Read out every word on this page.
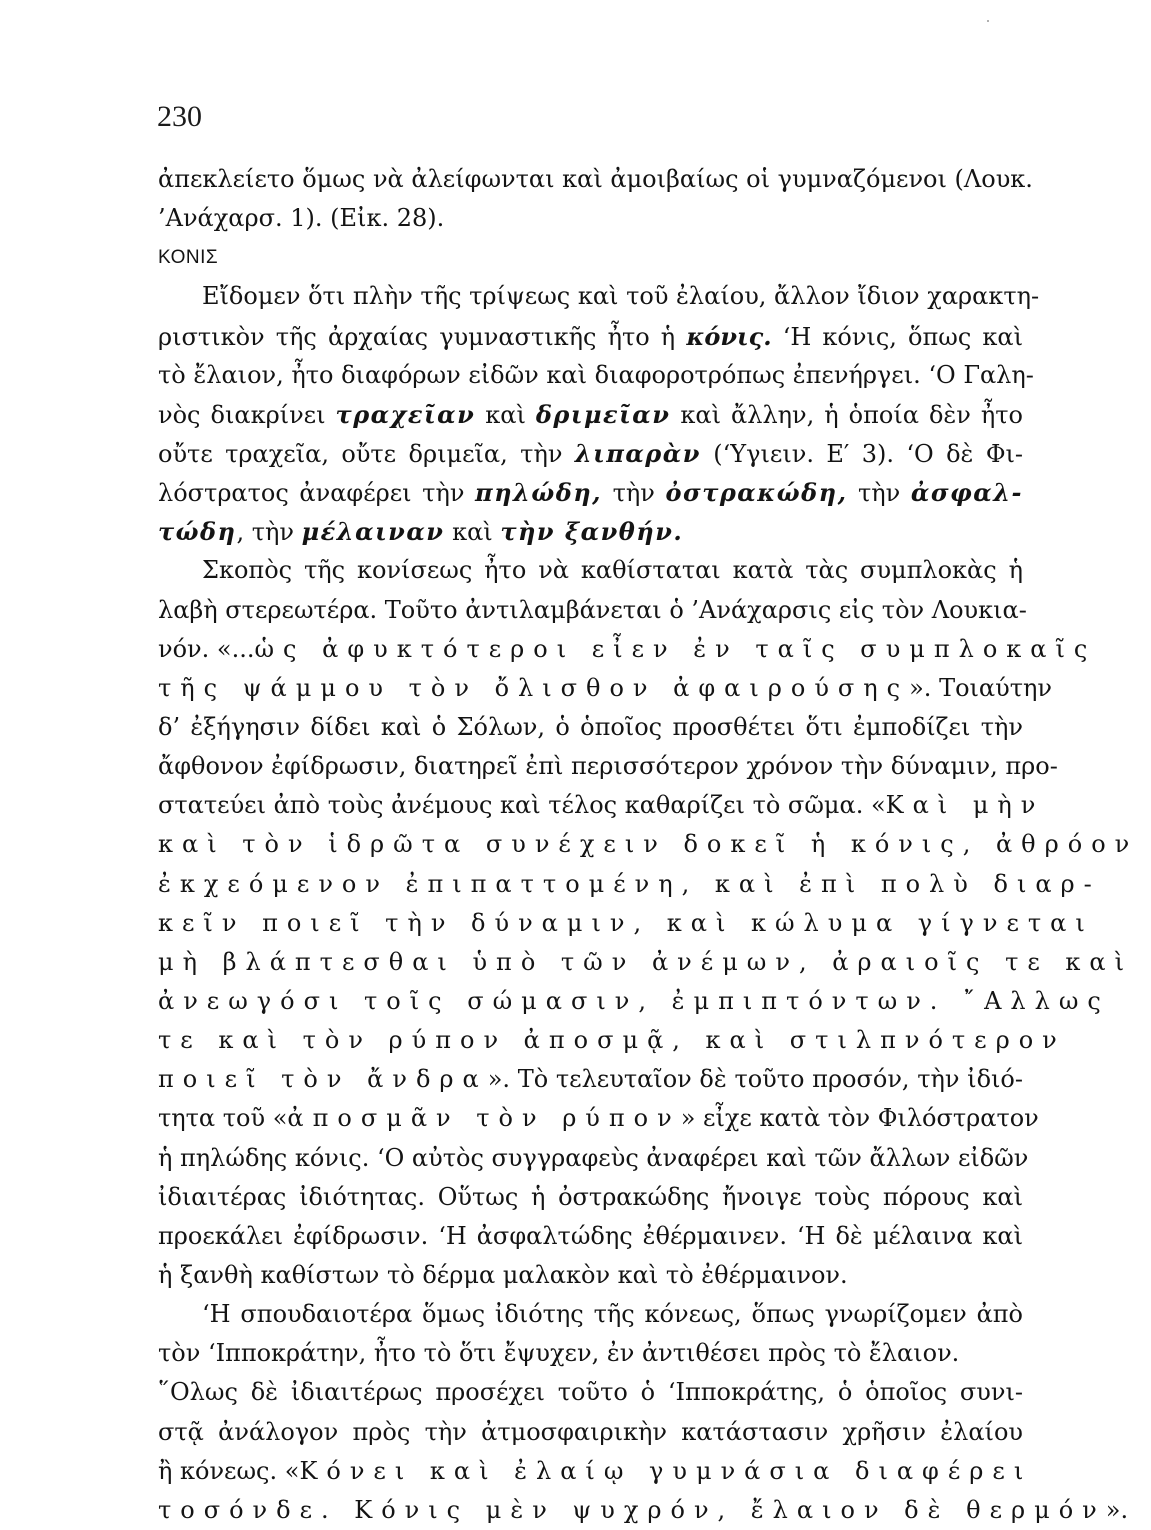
230

ἀπεκλείετο ὅμως νὰ ἀλείφωνται καὶ ἀμοιβαίως οἱ γυμναζόμενοι (Λουκ.

’Ανάχαρσ. 1). (Εἰκ. 28).

ΚΟΝΙΣ

Εἴδομεν ὅτι πλὴν τῆς τρίψεως καὶ τοῦ ἐλαίου, ἄλλον ἴδιον χαρακτη-

ριστικὸν τῆς ἀρχαίας γυμναστικῆς ἦτο ἡ κόνις. ‘Η κόνις, ὅπως καὶ

τὸ ἔλαιον, ἦτο διαφόρων εἰδῶν καὶ διαφοροτρόπως ἐπενήργει. ‘Ο Γαλη-

νὸς διακρίνει τραχεῖαν καὶ δριμεῖαν καὶ ἄλλην, ἡ ὁποία δὲν ἦτο

οὔτε τραχεῖα, οὔτε δριμεῖα, τὴν λιπαρὰν (‘Υγιειν. Ε′ 3). ‘Ο δὲ Φι-

λόστρατος ἀναφέρει τὴν πηλώδη, τὴν ὀστρακώδη, τὴν ἀσφαλ-

τώδη, τὴν μέλαιναν καὶ τὴν ξανθήν.

Σκοπὸς τῆς κονίσεως ἦτο νὰ καθίσταται κατὰ τὰς συμπλοκὰς ἡ

λαβὴ στερεωτέρα. Τοῦτο ἀντιλαμβάνεται ὁ ’Ανάχαρσις εἰς τὸν Λουκια-

νόν. «...ὡς ἀφυκτότεροι εἶεν ἐν ταῖς συμπλοκαῖς

τῆς ψάμμου τὸν ὄλισθον ἀφαιρούσης». Τοιαύτην

δ’ ἐξήγησιν δίδει καὶ ὁ Σόλων, ὁ ὁποῖος προσθέτει ὅτι ἐμποδίζει τὴν

ἄφθονον ἐφίδρωσιν, διατηρεῖ ἐπὶ περισσότερον χρόνον τὴν δύναμιν, προ-

στατεύει ἀπὸ τοὺς ἀνέμους καὶ τέλος καθαρίζει τὸ σῶμα. «Καὶ μὴν

καὶ τὸν ἱδρῶτα συνέχειν δοκεῖ ἡ κόνις, ἀθρόον

ἐκχεόμενον ἐπιπαττομένη, καὶ ἐπὶ πολὺ διαρ-

κεῖν ποιεῖ τὴν δύναμιν, καὶ κώλυμα γίγνεται

μὴ βλάπτεσθαι ὑπὸ τῶν ἀνέμων, ἀραιοῖς τε καὶ

ἀνεωγόσι τοῖς σώμασιν, ἐμπιπτόντων. ῎Αλλως

τε καὶ τὸν ρύπον ἀποσμᾷ, καὶ στιλπνότερον

ποιεῖ τὸν ἄνδρα». Τὸ τελευταῖον δὲ τοῦτο προσόν, τὴν ἰδιό-

τητα τοῦ «ἀποσμᾶν τὸν ρύπον» εἶχε κατὰ τὸν Φιλόστρατον

ἡ πηλώδης κόνις. ‘Ο αὐτὸς συγγραφεὺς ἀναφέρει καὶ τῶν ἄλλων εἰδῶν

ἰδιαιτέρας ἰδιότητας. Οὕτως ἡ ὀστρακώδης ἤνοιγε τοὺς πόρους καὶ

προεκάλει ἐφίδρωσιν. ‘Η ἀσφαλτώδης ἐθέρμαινεν. ‘Η δὲ μέλαινα καὶ

ἡ ξανθὴ καθίστων τὸ δέρμα μαλακὸν καὶ τὸ ἐθέρμαινον.

‘Η σπουδαιοτέρα ὅμως ἰδιότης τῆς κόνεως, ὅπως γνωρίζομεν ἀπὸ

τὸν ‘Ιπποκράτην, ἦτο τὸ ὅτι ἔψυχεν, ἐν ἀντιθέσει πρὸς τὸ ἔλαιον.

῞Ολως δὲ ἰδιαιτέρως προσέχει τοῦτο ὁ ‘Ιπποκράτης, ὁ ὁποῖος συνι-

στᾷ ἀνάλογον πρὸς τὴν ἀτμοσφαιρικὴν κατάστασιν χρῆσιν ἐλαίου

ἢ κόνεως. «Κόνει καὶ ἐλαίῳ γυμνάσια διαφέρει

τοσόνδε. Κόνις μὲν ψυχρόν, ἔλαιον δὲ θερμόν».
